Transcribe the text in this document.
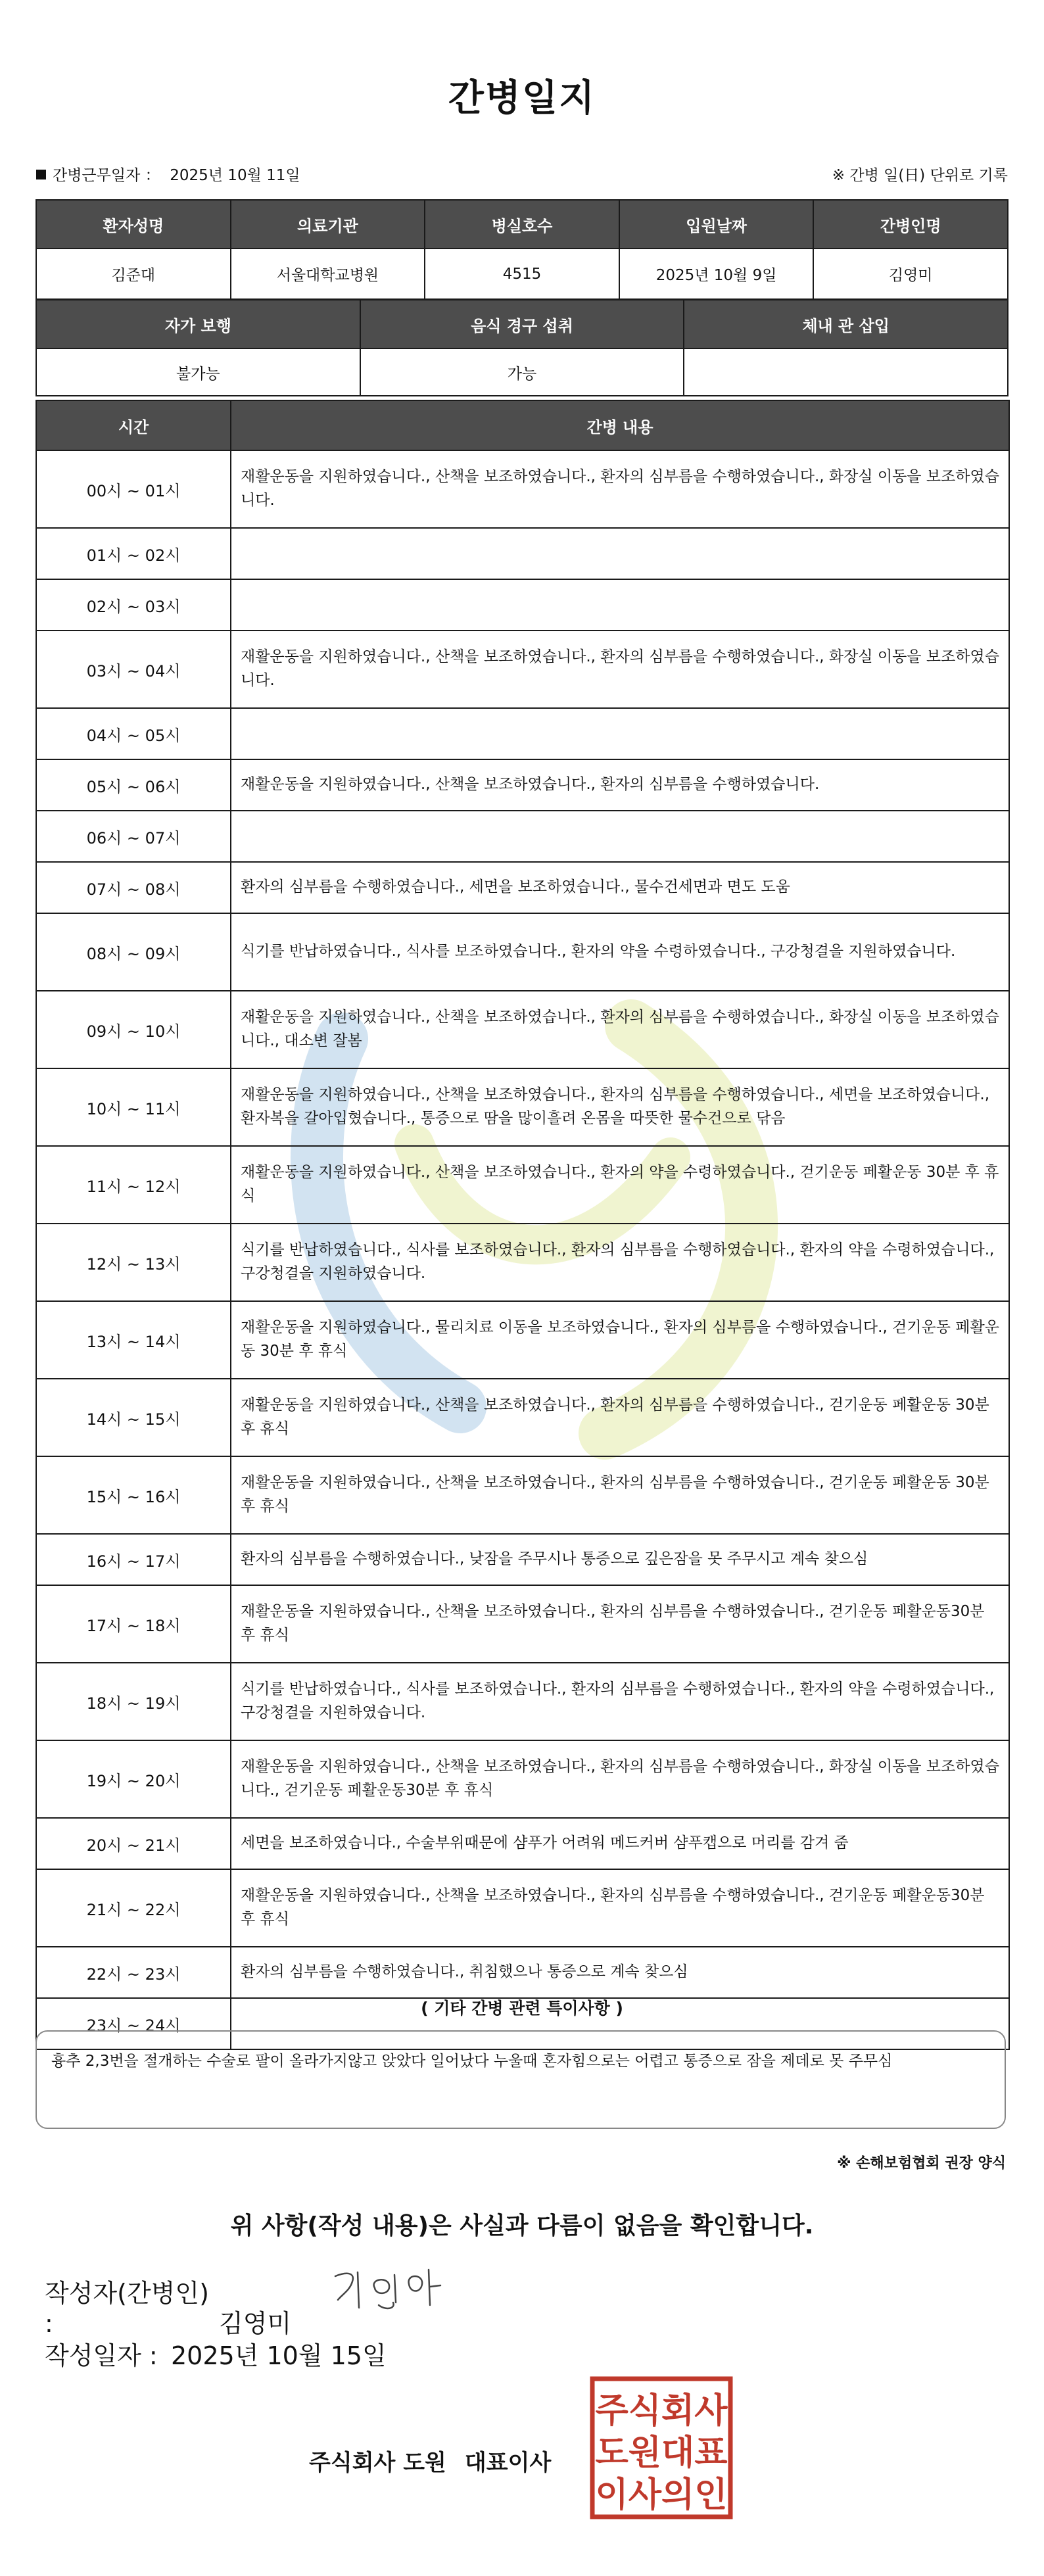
간병일지
간병근무일자 ： 2025년 10월 11일	※ 간병 일(日) 단위로 기록
환자성명	의료기관	병실호수	입원날짜	간병인명
김준대	서울대학교병원	4515	2025년 10월 9일	김영미
자가 보행	음식 경구 섭취	체내 관 삽입
불가능	가능	
시간	간병 내용
00시 ~ 01시	재활운동을 지원하였습니다., 산책을 보조하였습니다., 환자의 심부름을 수행하였습니다., 화장실 이동을 보조하였습니다.
01시 ~ 02시	
02시 ~ 03시	
03시 ~ 04시	재활운동을 지원하였습니다., 산책을 보조하였습니다., 환자의 심부름을 수행하였습니다., 화장실 이동을 보조하였습니다.
04시 ~ 05시	
05시 ~ 06시	재활운동을 지원하였습니다., 산책을 보조하였습니다., 환자의 심부름을 수행하였습니다.
06시 ~ 07시	
07시 ~ 08시	환자의 심부름을 수행하였습니다., 세면을 보조하였습니다., 물수건세면과 면도 도움
08시 ~ 09시	식기를 반납하였습니다., 식사를 보조하였습니다., 환자의 약을 수령하였습니다., 구강청결을 지원하였습니다.
09시 ~ 10시	재활운동을 지원하였습니다., 산책을 보조하였습니다., 환자의 심부름을 수행하였습니다., 화장실 이동을 보조하였습니다., 대소변 잘봄
10시 ~ 11시	재활운동을 지원하였습니다., 산책을 보조하였습니다., 환자의 심부름을 수행하였습니다., 세면을 보조하였습니다., 환자복을 갈아입혔습니다., 통증으로 땀을 많이흘려 온몸을 따뜻한 물수건으로 닦음
11시 ~ 12시	재활운동을 지원하였습니다., 산책을 보조하였습니다., 환자의 약을 수령하였습니다., 걷기운동 페활운동 30분 후 휴식
12시 ~ 13시	식기를 반납하였습니다., 식사를 보조하였습니다., 환자의 심부름을 수행하였습니다., 환자의 약을 수령하였습니다., 구강청결을 지원하였습니다.
13시 ~ 14시	재활운동을 지원하였습니다., 물리치료 이동을 보조하였습니다., 환자의 심부름을 수행하였습니다., 걷기운동 페활운동 30분 후 휴식
14시 ~ 15시	재활운동을 지원하였습니다., 산책을 보조하였습니다., 환자의 심부름을 수행하였습니다., 걷기운동 페활운동 30분 후 휴식
15시 ~ 16시	재활운동을 지원하였습니다., 산책을 보조하였습니다., 환자의 심부름을 수행하였습니다., 걷기운동 페활운동 30분 후 휴식
16시 ~ 17시	환자의 심부름을 수행하였습니다., 낮잠을 주무시나 통증으로 깊은잠을 못 주무시고 계속 찾으심
17시 ~ 18시	재활운동을 지원하였습니다., 산책을 보조하였습니다., 환자의 심부름을 수행하였습니다., 걷기운동 페활운동30분 후 휴식
18시 ~ 19시	식기를 반납하였습니다., 식사를 보조하였습니다., 환자의 심부름을 수행하였습니다., 환자의 약을 수령하였습니다., 구강청결을 지원하였습니다.
19시 ~ 20시	재활운동을 지원하였습니다., 산책을 보조하였습니다., 환자의 심부름을 수행하였습니다., 화장실 이동을 보조하였습니다., 걷기운동 페활운동30분 후 휴식
20시 ~ 21시	세면을 보조하였습니다., 수술부위때문에 샴푸가 어려워 메드커버 샴푸캡으로 머리를 감겨 줌
21시 ~ 22시	재활운동을 지원하였습니다., 산책을 보조하였습니다., 환자의 심부름을 수행하였습니다., 걷기운동 페활운동30분 후 휴식
22시 ~ 23시	환자의 심부름을 수행하였습니다., 취침했으나 통증으로 계속 찾으심
23시 ~ 24시	
( 기타 간병 관련 특이사항 )
흉추 2,3번을 절개하는 수술로 팔이 올라가지않고 앉았다 일어났다 누울때 혼자힘으로는 어렵고 통증으로 잠을 제데로 못 주무심
※ 손해보험협회 권장 양식
위 사항(작성 내용)은 사실과 다름이 없음을 확인합니다.
작성자(간병인) :	김영미
작성일자 : 2025년 10월 15일
주식회사 도원 대표이사
주식회사
도원대표
이사의인
